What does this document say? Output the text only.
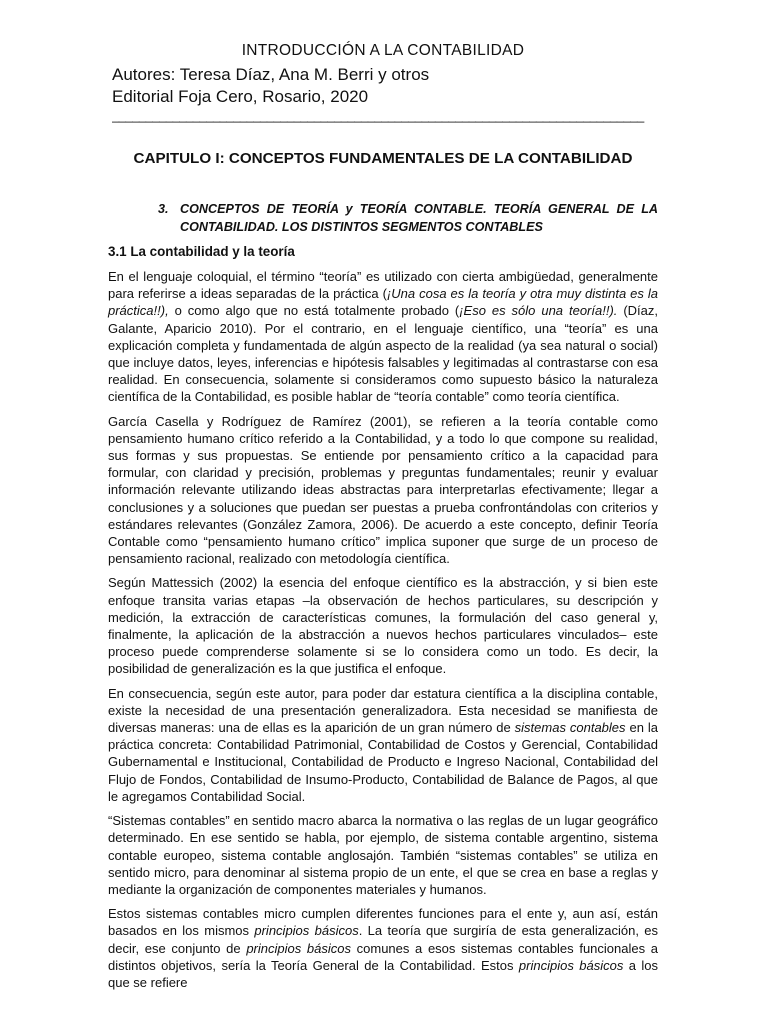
INTRODUCCIÓN A LA CONTABILIDAD
Autores: Teresa Díaz, Ana M. Berri y otros
Editorial Foja Cero, Rosario, 2020
_______________________________________________________________________________
CAPITULO I: CONCEPTOS FUNDAMENTALES DE LA CONTABILIDAD
3. CONCEPTOS DE TEORÍA y TEORÍA CONTABLE. TEORÍA GENERAL DE LA CONTABILIDAD. LOS DISTINTOS SEGMENTOS CONTABLES
3.1 La contabilidad y la teoría

En el lenguaje coloquial, el término “teoría” es utilizado con cierta ambigüedad, generalmente para referirse a ideas separadas de la práctica (¡Una cosa es la teoría y otra muy distinta es la práctica!!), o como algo que no está totalmente probado (¡Eso es sólo una teoría!!). (Díaz, Galante, Aparicio 2010). Por el contrario, en el lenguaje científico, una “teoría” es una explicación completa y fundamentada de algún aspecto de la realidad (ya sea natural o social) que incluye datos, leyes, inferencias e hipótesis falsables y legitimadas al contrastarse con esa realidad. En consecuencia, solamente si consideramos como supuesto básico la naturaleza científica de la Contabilidad, es posible hablar de “teoría contable” como teoría científica.

García Casella y Rodríguez de Ramírez (2001), se refieren a la teoría contable como pensamiento humano crítico referido a la Contabilidad, y a todo lo que compone su realidad, sus formas y sus propuestas. Se entiende por pensamiento crítico a la capacidad para formular, con claridad y precisión, problemas y preguntas fundamentales; reunir y evaluar información relevante utilizando ideas abstractas para interpretarlas efectivamente; llegar a conclusiones y a soluciones que puedan ser puestas a prueba confrontándolas con criterios y estándares relevantes (González Zamora, 2006). De acuerdo a este concepto, definir Teoría Contable como “pensamiento humano crítico” implica suponer que surge de un proceso de pensamiento racional, realizado con metodología científica.

Según Mattessich (2002) la esencia del enfoque científico es la abstracción, y si bien este enfoque transita varias etapas –la observación de hechos particulares, su descripción y medición, la extracción de características comunes, la formulación del caso general y, finalmente, la aplicación de la abstracción a nuevos hechos particulares vinculados– este proceso puede comprenderse solamente si se lo considera como un todo. Es decir, la posibilidad de generalización es la que justifica el enfoque.

En consecuencia, según este autor, para poder dar estatura científica a la disciplina contable, existe la necesidad de una presentación generalizadora. Esta necesidad se manifiesta de diversas maneras: una de ellas es la aparición de un gran número de sistemas contables en la práctica concreta: Contabilidad Patrimonial, Contabilidad de Costos y Gerencial, Contabilidad Gubernamental e Institucional, Contabilidad de Producto e Ingreso Nacional, Contabilidad del Flujo de Fondos, Contabilidad de Insumo-Producto, Contabilidad de Balance de Pagos, al que le agregamos Contabilidad Social.

“Sistemas contables” en sentido macro abarca la normativa o las reglas de un lugar geográfico determinado. En ese sentido se habla, por ejemplo, de sistema contable argentino, sistema contable europeo, sistema contable anglosajón. También “sistemas contables” se utiliza en sentido micro, para denominar al sistema propio de un ente, el que se crea en base a reglas y mediante la organización de componentes materiales y humanos.

Estos sistemas contables micro cumplen diferentes funciones para el ente y, aun así, están basados en los mismos principios básicos. La teoría que surgiría de esta generalización, es decir, ese conjunto de principios básicos comunes a esos sistemas contables funcionales a distintos objetivos, sería la Teoría General de la Contabilidad. Estos principios básicos a los que se refiere
